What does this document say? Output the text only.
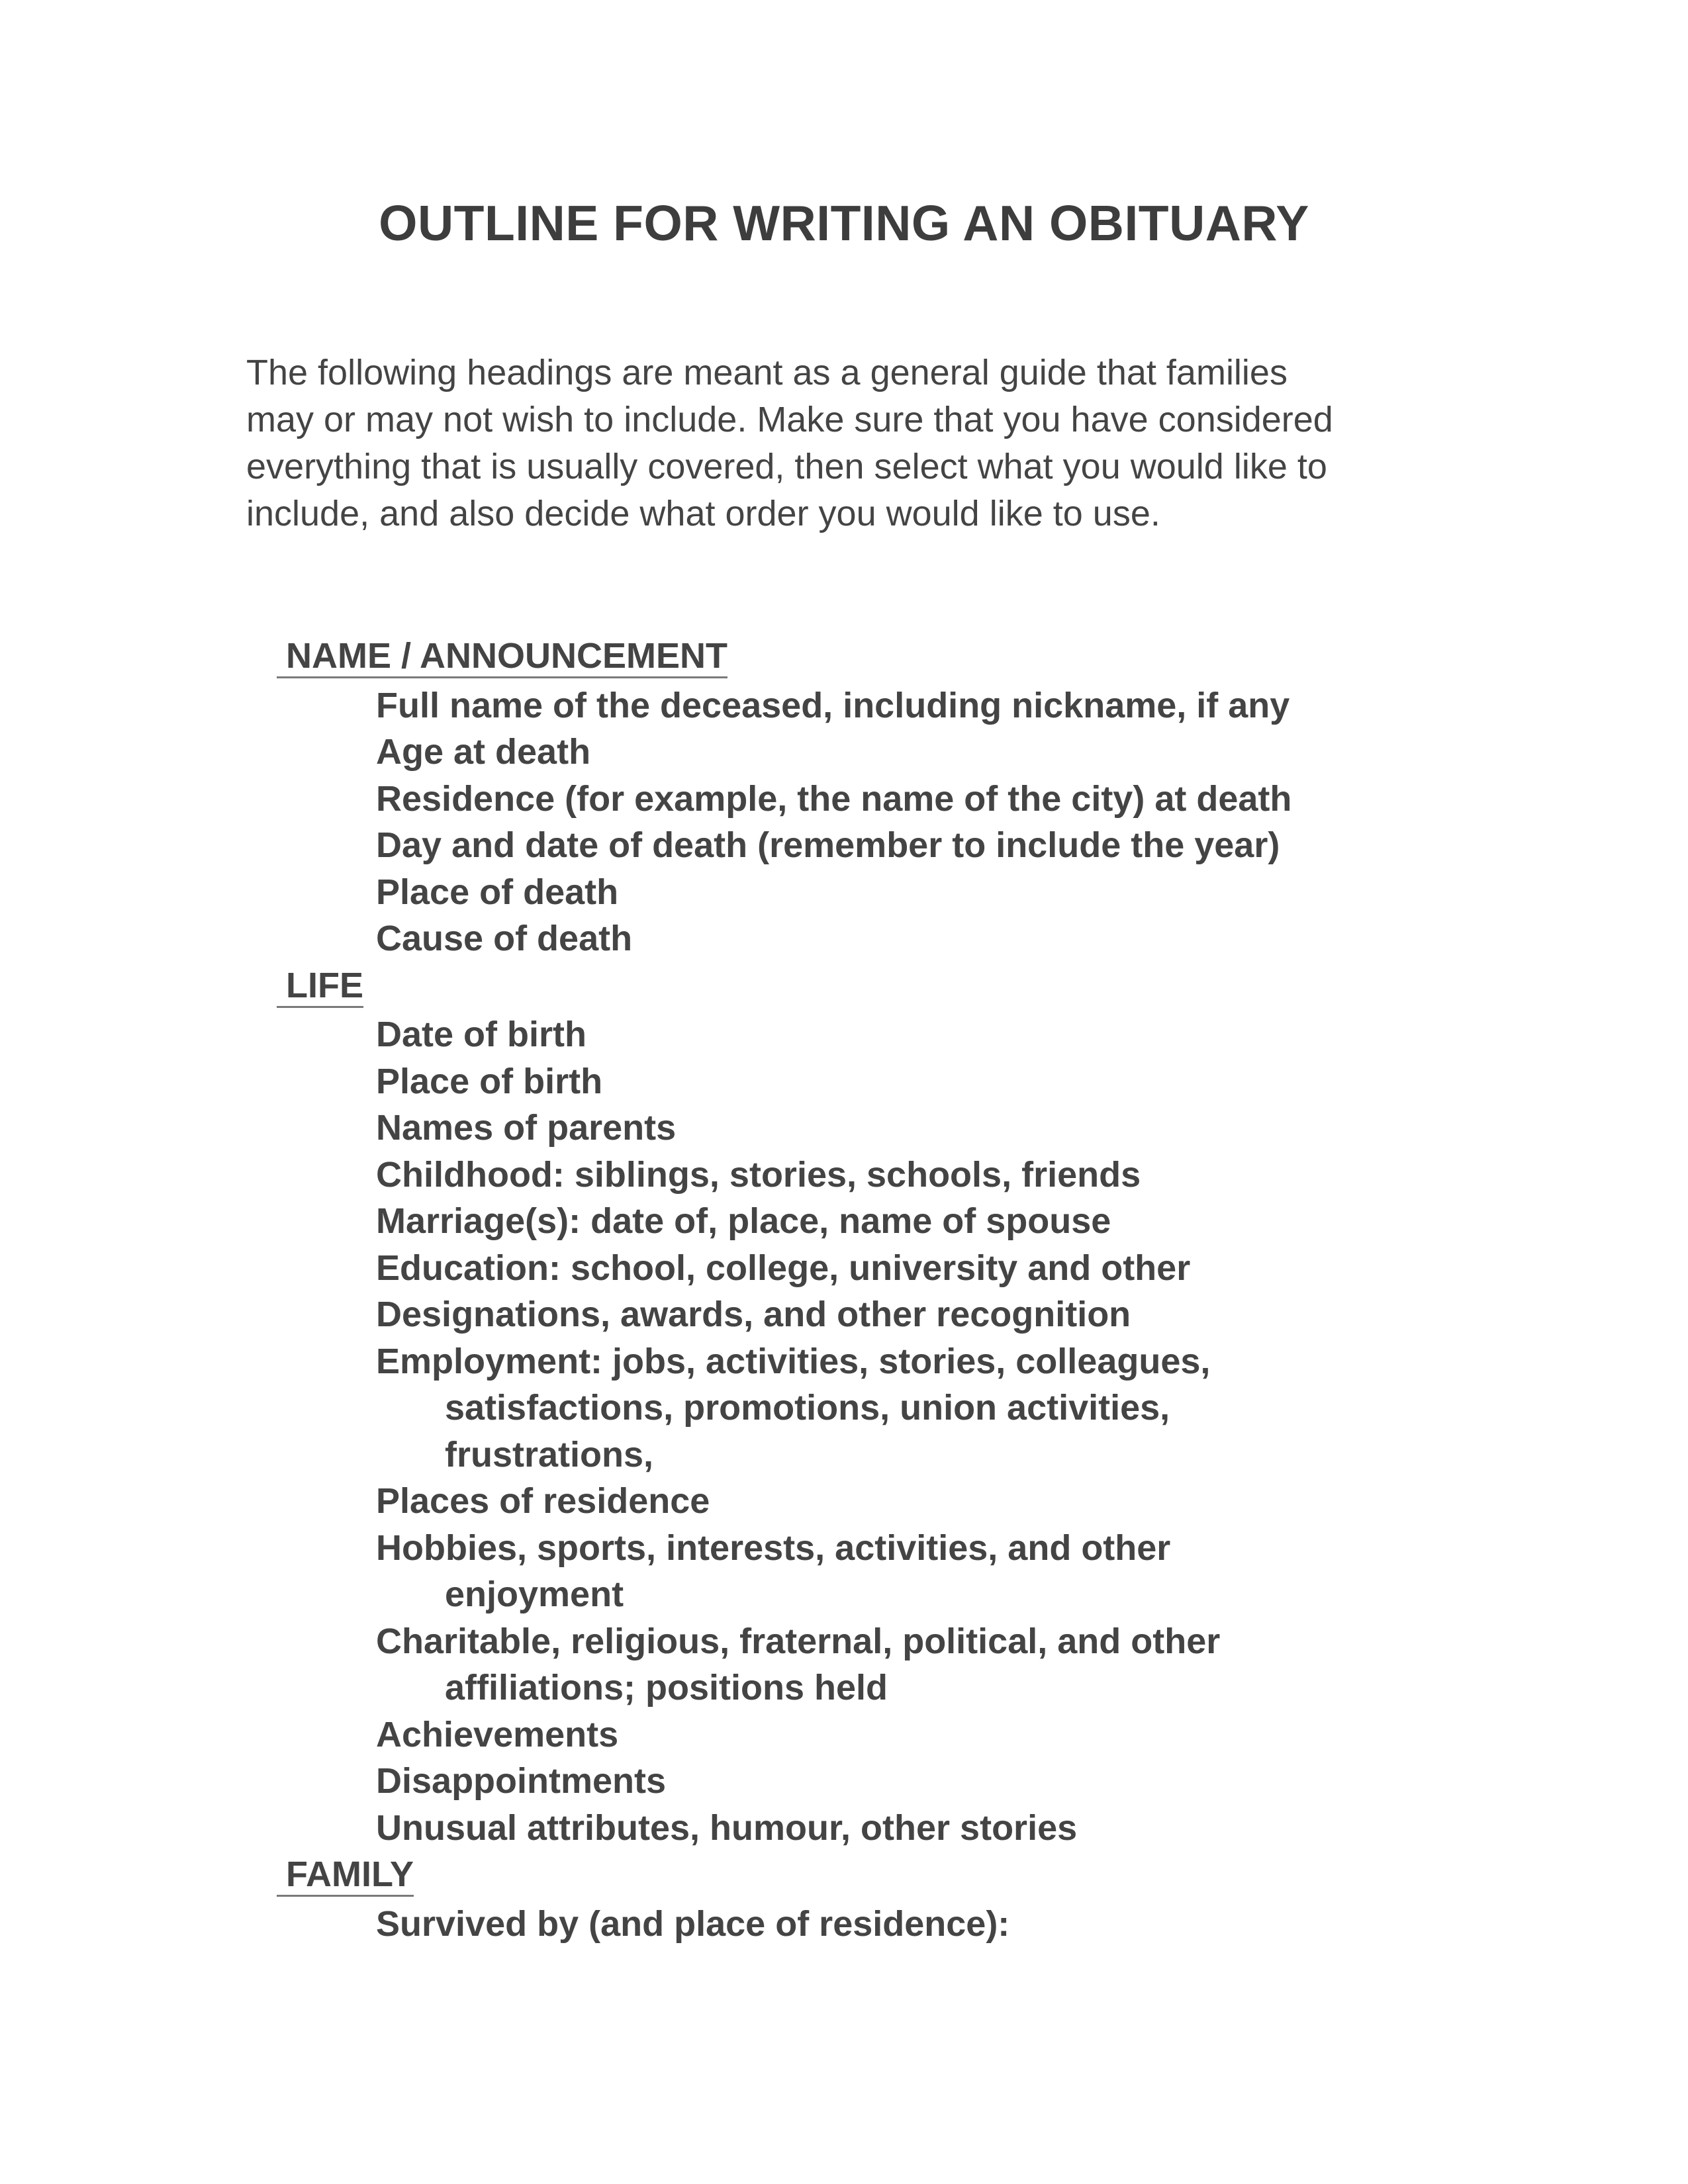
OUTLINE FOR WRITING AN OBITUARY
The following headings are meant as a general guide that families
may or may not wish to include. Make sure that you have considered
everything that is usually covered, then select what you would like to
include, and also decide what order you would like to use.
NAME / ANNOUNCEMENT
Full name of the deceased, including nickname, if any
Age at death
Residence (for example, the name of the city) at death
Day and date of death (remember to include the year)
Place of death
Cause of death
LIFE
Date of birth
Place of birth
Names of parents
Childhood: siblings, stories, schools, friends
Marriage(s): date of, place, name of spouse
Education: school, college, university and other
Designations, awards, and other recognition
Employment: jobs, activities, stories, colleagues,
satisfactions, promotions, union activities,
frustrations,
Places of residence
Hobbies, sports, interests, activities, and other
enjoyment
Charitable, religious, fraternal, political, and other
affiliations; positions held
Achievements
Disappointments
Unusual attributes, humour, other stories
FAMILY
Survived by (and place of residence):
